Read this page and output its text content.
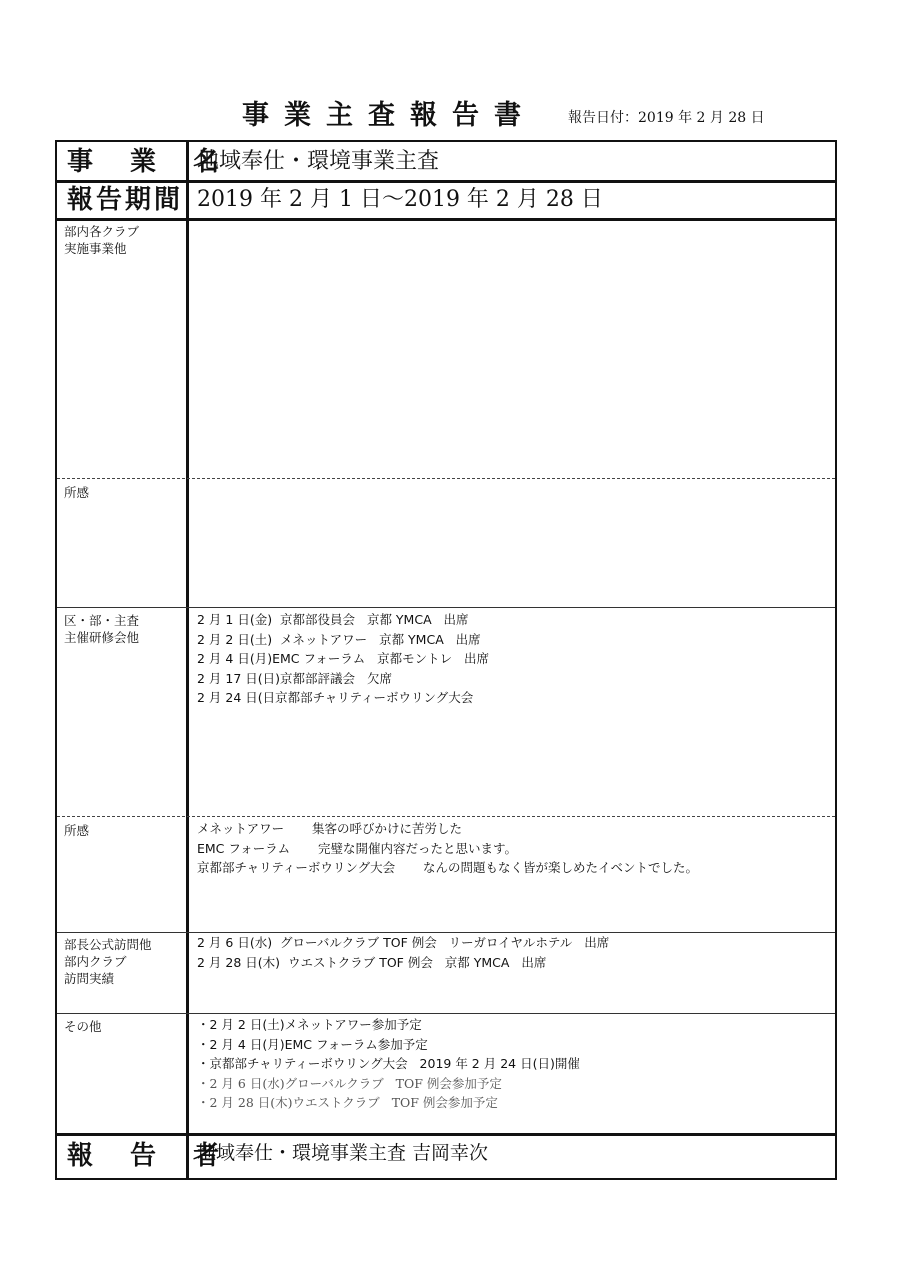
事業主査報告書 報告日付：2019 年 2 月 28 日
事 業 名
地域奉仕・環境事業主査
報告期間 2019 年 2 月 1 日〜2019 年 2 月 28 日
部内各クラブ
実施事業他
所感
区・部・主査
主催研修会他
2 月 1 日(金)  京都部役員会   京都 YMCA   出席
2 月 2 日(土)  メネットアワー   京都 YMCA   出席
2 月 4 日(月)EMC フォーラム   京都モントレ   出席
2 月 17 日(日)京都部評議会   欠席
2 月 24 日(日京都部チャリティーボウリング大会
所感	メネットアワー       集客の呼びかけに苦労した
EMC フォーラム       完璧な開催内容だったと思います。
京都部チャリティーボウリング大会       なんの問題もなく皆が楽しめたイベントでした。
部長公式訪問他
部内クラブ
訪問実績
2 月 6 日(水)  グローバルクラブ TOF 例会   リーガロイヤルホテル   出席
2 月 28 日(木)  ウエストクラブ TOF 例会   京都 YMCA   出席
その他	・2 月 2 日(土)メネットアワー参加予定
・2 月 4 日(月)EMC フォーラム参加予定
・京都部チャリティーボウリング大会   2019 年 2 月 24 日(日)開催
・2 月 6 日(水)グローバルクラブ   TOF 例会参加予定
・2 月 28 日(木)ウエストクラブ   TOF 例会参加予定
報 告 者
地域奉仕・環境事業主査 吉岡幸次
